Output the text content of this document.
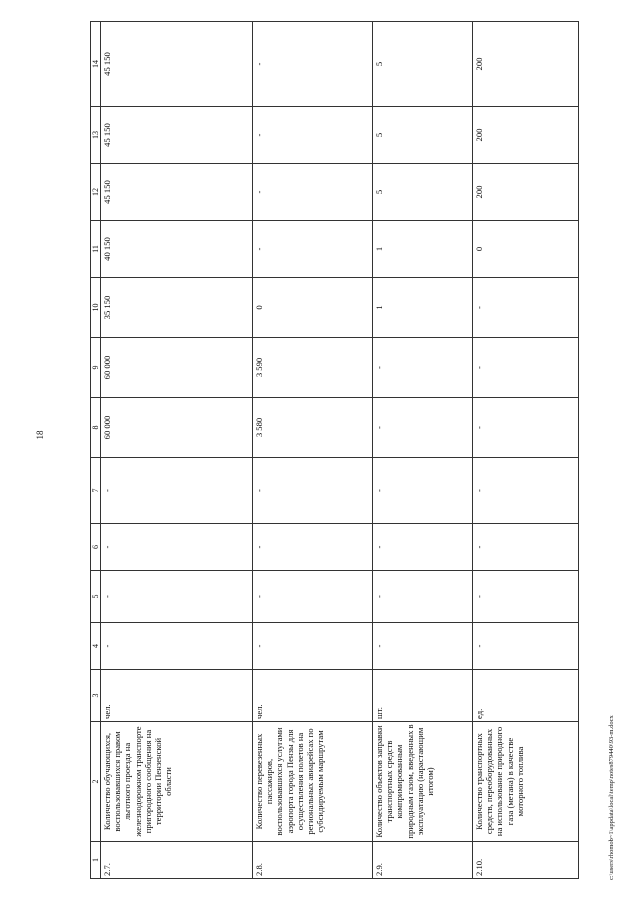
18
1	2	3	4	5	6	7	8	9	10	11	12	13	14
2.7.	Количество обучающихся, воспользовавшихся правом льготного проезда на железнодорожном транспорте пригородного сообщения на территории Пензенской области	чел.	-	-	-	-	60 000	60 000	35 150	40 150	45 150	45 150	45 150
2.8.	Количество перевезенных пассажиров, воспользовавшихся услугами аэропорта города Пензы для осуществления полетов на региональных авиарейсах по субсидируемым маршрутам	чел.	-	-	-	-	3 580	3 590	0	-	-	-	-
2.9.	Количество объектов заправки транспортных средств компримированным природным газом, введенных в эксплуатацию (нарастающим итогом)	шт.	-	-	-	-	-	-	1	1	5	5	5
2.10.	Количество транспортных средств, переоборудованных на использование природного газа (метана) в качестве моторного топлива	ед.	-	-	-	-	-	-	-	0	200	200	200
c:\users\rhomob~1\appdata\local\temp\notes879440\93-m.docx
